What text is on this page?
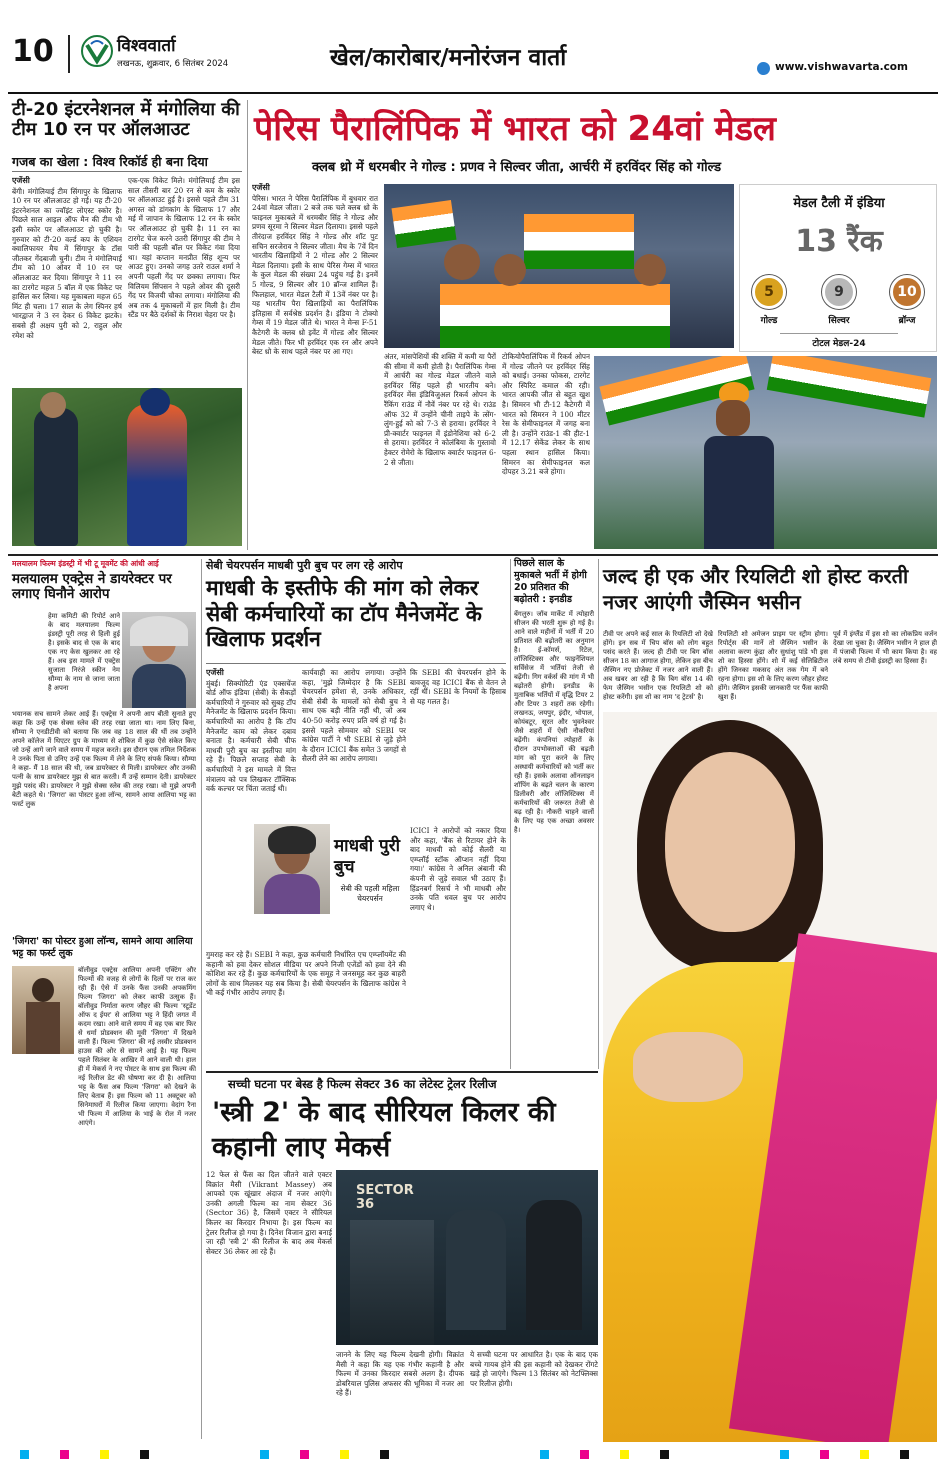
10	विश्ववार्ता
लखनऊ, शुक्रवार, 6 सितंबर 2024	खेल/कारोबार/मनोरंजन वार्ता	www.vishwavarta.com
टी-20 इंटरनेशनल में मंगोलिया की टीम 10 रन पर ऑलआउट
गजब का खेला : विश्व रिकॉर्ड ही बना दिया
एजेंसी
बेंगी। मंगोलियाई टीम सिंगापुर के खिलाफ 10 रन पर ऑलआउट हो गई। यह टी-20 इंटरनेशनल का ज्वॉइंट लोएस्ट स्कोर है। पिछले साल आइल ऑफ मैन की टीम भी इसी स्कोर पर ऑलआउट हो चुकी है। गुरुवार को टी-20 वर्ल्ड कप के एशियन क्वालिफायर मैच में सिंगापुर के टॉस जीतकर गेंदबाजी चुनी। टीम ने मंगोलियाई टीम को 10 ओवर में 10 रन पर ऑलआउट कर दिया। सिंगापुर ने 11 रन का टारगेट महज 5 बॉल में एक विकेट पर हासिल कर लिया। यह मुकाबला महज 65 मिंट ही चला। 17 साल के लेग स्पिनर हर्ष भारद्वाज ने 3 रन देकर 6 विकेट झटके। सबसे ही अक्षय पुरी को 2, राहुल और रमेश को
एक-एक विकेट मिले। मंगोलियाई टीम इस साल तीसरी बार 20 रन से कम के स्कोर पर ऑलआउट हुई है। इससे पहले टीम 31 अगस्त को डांगकांग के खिलाफ 17 और मई में जापान के खिलाफ 12 रन के स्कोर पर ऑलआउट हो चुकी है। 11 रन का टारगेट चेज करने उतरी सिंगापुर की टीम ने पारी की पहली बॉल पर विकेट गंवा दिया था। यहां कप्तान मनप्रीत सिंह शून्य पर आउट हुए। उनको जगह उतरे राउल शर्मा ने अपनी पहली गेंद पर छक्का लगाया। फिर विलियम सिंपसन ने पहले ओवर की दूसरी गेंद पर विजयी चौका लगाया। मंगोलिया की अब तक 4 मुकाबलों में हार मिली है। टीम स्टैंड पर बैठे दर्शकों के निराश चेहरा पर है।
पेरिस पैरालिंपिक में भारत को 24वां मेडल
क्लब थ्रो में धरमबीर ने गोल्ड : प्रणव ने सिल्वर जीता, आर्चरी में हरविंदर सिंह को गोल्ड
एजेंसी
पेरिस। भारत ने पेरिस पैरालिंपिक में बुधवार रात 24वां मेडल जीता। 2 बजे तक चले क्लब थ्रो के फाइनल मुकाबले में धरमबीर सिंह ने गोल्ड और प्रणव सूरमा ने सिल्वर मेडल दिलाया। इससे पहले तीरंदाज हरविंदर सिंह ने गोल्ड और शॉट पुट सचिन सरजेराव ने सिल्वर जीता। मैच के 7वें दिन भारतीय खिलाड़ियों ने 2 गोल्ड और 2 सिल्वर मेडल दिलाया। इसी के साथ पेरिस गेम्स में भारत के कुल मेडल की संख्या 24 पहुंच गई है। इनमें 5 गोल्ड, 9 सिल्वर और 10 ब्रॉन्ज शामिल हैं। फिलहाल, भारत मेडल टैली में 13वें नंबर पर है। यह भारतीय पैरा खिलाड़ियों का पैरालिंपिक इतिहास में सर्वश्रेष्ठ प्रदर्शन है। इंडिया ने टोक्यो गेम्स में 19 मेडल जीते थे। भारत ने मेन्स F-51 कैटेगरी के क्लब थ्रो इवेंट में गोल्ड और सिल्वर मेडल जीते। फिर भी हरविंदर एक रन और अपने बेस्ट थ्रो के साथ पहले नंबर पर आ गए।
मेडल टैली में इंडिया
13 रैंक
5	9	10
गोल्ड	सिल्वर	ब्रॉन्ज
टोटल मेडल-24
अंतर, मांसपेशियों की शक्ति में कमी या पैरों की सीमा में कमी होती है। पैरालिंपिक गेम्स में आर्चरी का गोल्ड मेडल जीतने वाले हरविंदर सिंह पहले ही भारतीय बने। हरविंदर मेंस इंडिविजुअल रिकर्व ओपन के रैंकिंग राउंड में नौवें नंबर पर रहे थे। राउंड ऑफ 32 में उन्होंने चीनी ताइपे के त्सेंग-लुंग-हुई को को 7-3 से हराया। हरविंदर ने प्री-क्वार्टर फाइनल में इंडोनेशिया को 6-2 से हराया। हरविंदर ने कोलंबिया के गुस्तावो हेक्टर रोमेरो के खिलाफ क्वार्टर फाइनल 6-2 से जीता।
टोकियोपैरालिंपिक में रिकर्व ओपन में गोल्ड जीतने पर हरविंदर सिंह को बधाई। उनका फोकस, टारगेट और स्पिरिट कमाल की रही। भारत आपकी जीत से बहुत खुश है। सिमरन भी टी-12 कैटेगरी में भारत को सिमरन ने 100 मीटर रेस के सेमीफाइनल में जगह बना ली है। उन्होंने राउंड-1 की हीट-1 में 12.17 सेकेंड लेकर के साथ पहला स्थान हासिल किया। सिमरन का सेमीफाइनल कल दोपहर 3.21 बजे होगा।
मलयालम फिल्म इंडस्ट्री में भी टू मूवमेंट की आंधी आई
मलयालम एक्ट्रेस ने डायरेक्टर पर लगाए घिनौने आरोप
हेमा कमिटी की रिपोर्ट आने के बाद मलयालम फिल्म इंडस्ट्री पूरी तरह से हिली हुई है। इसके बाद से एक के बाद एक नए केस खुलकर आ रहे हैं। अब इस मामले में एक्ट्रेस सुजाता निरंजे स्कीन नेम सौम्या के नाम से जाना जाता है अपना
भयानक सच सामने लेकर आई हैं। एक्ट्रेस ने अपनी आप बीती सुनाते हुए कहा कि उन्हें एक सेक्स स्लेव की तरह रखा जाता था। नाम लिए बिना, सौम्या ने एनडीटीवी को बताया कि जब वह 18 साल की थीं तब उन्होंने अपने कॉलेज में थिएटर ग्रुप के माध्यम से शोबिज में कुछ ऐसे संकेत किए जो उन्हें आगे जाने वाले समय में महज करते। इस दौरान एक तमिल निर्देशक ने उनके पिता से उनिए उन्हें एक फिल्म में लेने के लिए संपर्क किया। सौम्या ने कहा- मैं 18 साल की थी, जब डायरेक्टर से मिली। डायरेक्टर और उनकी पत्नी के साथ डायरेक्टर मुझ से बात करती। मैं उन्हें सम्मान देती। डायरेक्टर मुझे पसंद की। डायरेक्टर ने मुझे सेक्स स्लेव की तरह रखा। वो मुझे अपनी बेटी कहते थे। 'जिगरा' का पोस्टर हुआ लॉन्च, सामने आया आलिया भट्ट का फर्स्ट लुक
'जिगरा' का पोस्टर हुआ लॉन्च, सामने आया आलिया भट्ट का फर्स्ट लुक
बॉलीवुड एक्ट्रेस आलिया अपनी एक्टिंग और फिल्मों की वजह से लोगों के दिलों पर राज कर रही हैं। ऐसे में उनके फैंस उनकी अपकमिंग फिल्म 'जिगरा' को लेकर काफी उत्सुक हैं। बॉलीवुड निर्माता करण जौहर की फिल्म 'स्टूडेंट ऑफ द ईयर' से आलिया भट्ट ने हिंदी जगत में कदम रखा। आने वाले समय में वह एक बार फिर से धर्मा प्रोडक्शन की मूवी 'जिगरा' में दिखने वाली हैं। फिल्म 'जिगरा' की नई तस्वीर प्रोडक्शन हाउस की ओर से सामने आई है। यह फिल्म पहले सितंबर के आखिर में आने वाली थी। हाल ही में मेकर्स ने नए पोस्टर के साथ इस फिल्म की नई रिलीज डेट की घोषणा कर दी है। आलिया भट्ट के फैंस अब फिल्म 'जिगरा' को देखने के लिए बेताब हैं। इस फिल्म को 11 अक्टूबर को सिनेमाघरों में रिलीज किया जाएगा। वेदांग रैना भी फिल्म में आलिया के भाई के रोल में नजर आएंगे।
सेबी चेयरपर्सन माधबी पुरी बुच पर लग रहे आरोप
माधबी के इस्तीफे की मांग को लेकर सेबी कर्मचारियों का टॉप मैनेजमेंट के खिलाफ प्रदर्शन
एजेंसी
मुंबई। सिक्योरिटी एंड एक्सचेंज बोर्ड ऑफ इंडिया (सेबी) के सैकड़ों कर्मचारियों ने गुरुवार को सुबह टॉप मैनेजमेंट के खिलाफ प्रदर्शन किया। कर्मचारियों का आरोप है कि टॉप मैनेजमेंट काम को लेकर दबाव बनाता है। कर्मचारी सेबी चीफ माधवी पुरी बुच का इस्तीफा मांग रहे हैं। पिछले सप्ताह सेबी के कर्मचारियों ने इस मामले में वित्त मंत्रालय को पत्र लिखकर टॉक्सिक वर्क कल्चर पर चिंता जताई थी।
कार्यवाही का आरोप लगाया। उन्होंने कहा, 'मुझे जिम्मेदार है कि SEBI चेयरपर्सन हमेशा से, उनके अधिकार, सेबी सेबी के मामलों को सेबी बुच ने साथ एक बड़ी नीति नहीं थी, जो अब 40-50 करोड़ रुपए प्रति वर्ष हो गई है। इससे पहले सोमवार को SEBI पर कांग्रेस पार्टी ने भी SEBI से जुड़े होने के दौरान ICICI बैंक समेत 3 जगहों से सैलरी लेने का आरोप लगाया।
कि SEBI की चेयरपर्सन होने के बावजूद वह ICICI बैंक से वेतन ले रहीं थीं। SEBI के नियमों के हिसाब से यह गलत है।
माधबी पुरी बुच
सेबी की पहली महिला चेयरपर्सन
गुमराह कर रहे हैं। SEBI ने कहा, कुछ कर्मचारी निर्धारित एच एम्प्लॉयमेंट की कहानी को हवा देकर सोशल मीडिया पर अपने निजी एजेंडों को हवा देने की कोशिश कर रहे हैं। कुछ कर्मचारियों के एक समूह ने जनसमूह कर कुछ बाहरी लोगों के साथ मिलकर यह सब किया है। सेबी चेयरपर्सन के खिलाफ कांग्रेस ने भी कई गंभीर आरोप लगाए हैं।
ICICI ने आरोपों को नकार दिया और कहा, 'बैंक से रिटायर होने के बाद माधवी को कोई सैलरी या एम्प्लॉई स्टॉक ऑप्शन नहीं दिया गया।' कांग्रेस ने अनिल अंबानी की कंपनी से जुड़े सवाल भी उठाए हैं। हिंडनबर्ग रिसर्च ने भी माधबी और उनके पति धवल बुच पर आरोप लगाए थे।
पिछले साल के मुकाबले भर्ती में होगी 20 प्रतिशत की बढ़ोतरी : इनडीड
बेंगलुरु। जॉब मार्केट में त्योहारी सीजन की भरती शुरू हो गई है। आने वाले महीनों में भर्ती में 20 प्रतिशत की बढ़ोतरी का अनुमान है। ई-कॉमर्स, रिटेल, लॉजिस्टिक्स और फाइनेंशियल सर्विसेज में भर्तियां तेजी से बढ़ेंगी। गिग वर्कर्स की मांग में भी बढ़ोतरी होगी। इनडीड के मुताबिक भर्तियों में वृद्धि टियर 2 और टियर 3 शहरों तक रहेगी। लखनऊ, जयपुर, इंदौर, भोपाल, कोयंबटूर, सूरत और भुवनेश्वर जैसे शहरों में ऐसी नौकरियां बढ़ेंगी। कंपनियां त्योहारों के दौरान उपभोक्ताओं की बढ़ती मांग को पूरा करने के लिए अस्थायी कर्मचारियों को भर्ती कर रही हैं। इसके अलावा ऑनलाइन शॉपिंग के बढ़ते चलन के कारण डिलीवरी और लॉजिस्टिक्स में कर्मचारियों की जरूरत तेजी से बढ़ रही है। नौकरी चाहने वालों के लिए यह एक अच्छा अवसर है।
जल्द ही एक और रियलिटी शो होस्ट करती नजर आएंगी जैस्मिन भसीन
टीवी पर अपने कई साल के रियलिटी शो देखे होंगे। इन सब में चिप बॉस को लोग बहुत पसंद करते हैं। जल्द ही टीवी पर बिग बॉस सीजन 18 का आगाज होगा, लेकिन इस बीच जैस्मिन नए प्रोजेक्ट में नजर आने वाली हैं। अब खबर आ रही है कि बिग बॉस 14 की फेम जैस्मिन भसीन एक रियलिटी शो को होस्ट करेंगी। इस शो का नाम 'द ट्रेटर्स' है।
रियलिटी शो अमेजन प्राइम पर स्ट्रीम होगा। रिपोर्ट्स की मानें तो जैस्मिन भसीन के अलावा करण कुंद्रा और सुधांशु पांडे भी इस शो का हिस्सा होंगे। शो में कई सेलिब्रिटीज होंगे जिनका मकसद अंत तक गेम में बने रहना होगा। इस शो के लिए करण जौहर होस्ट होंगे। जैस्मिन इसकी जानकारी पर फैंस काफी खुश हैं।
पूर्व में इंग्लैंड में इस शो का लोकप्रिय वर्जन देखा जा चुका है। जैस्मिन भसीन ने हाल ही में पंजाबी फिल्म में भी काम किया है। वह लंबे समय से टीवी इंडस्ट्री का हिस्सा हैं।
सच्ची घटना पर बेस्ड है फिल्म सेक्टर 36 का लेटेस्ट ट्रेलर रिलीज
'स्त्री 2' के बाद सीरियल किलर की कहानी लाए मेकर्स
12 फेल से फैंस का दिल जीतने वाले एक्टर विक्रांत मैसी (Vikrant Massey) अब आपको एक खूंखार अंदाज में नजर आएंगे। उनकी अगली फिल्म का नाम सेक्टर 36 (Sector 36) है, जिसमें एक्टर ने सीरियल किलर का किरदार निभाया है। इस फिल्म का ट्रेलर रिलीज हो गया है। दिनेश विजान द्वारा बनाई जा रही 'स्त्री 2' की रिलीज के बाद अब मेकर्स सेक्टर 36 लेकर आ रहे हैं।
SECTOR 36
जानने के लिए यह फिल्म देखनी होगी। विक्रांत मैसी ने कहा कि यह एक गंभीर कहानी है और फिल्म में उनका किरदार सबसे अलग है। दीपक डोबरियाल पुलिस अफसर की भूमिका में नजर आ रहे हैं।
ये सच्ची घटना पर आधारित है। एक के बाद एक बच्चे गायब होने की इस कहानी को देखकर रोंगटे खड़े हो जाएंगे। फिल्म 13 सितंबर को नेटफ्लिक्स पर रिलीज होगी।
